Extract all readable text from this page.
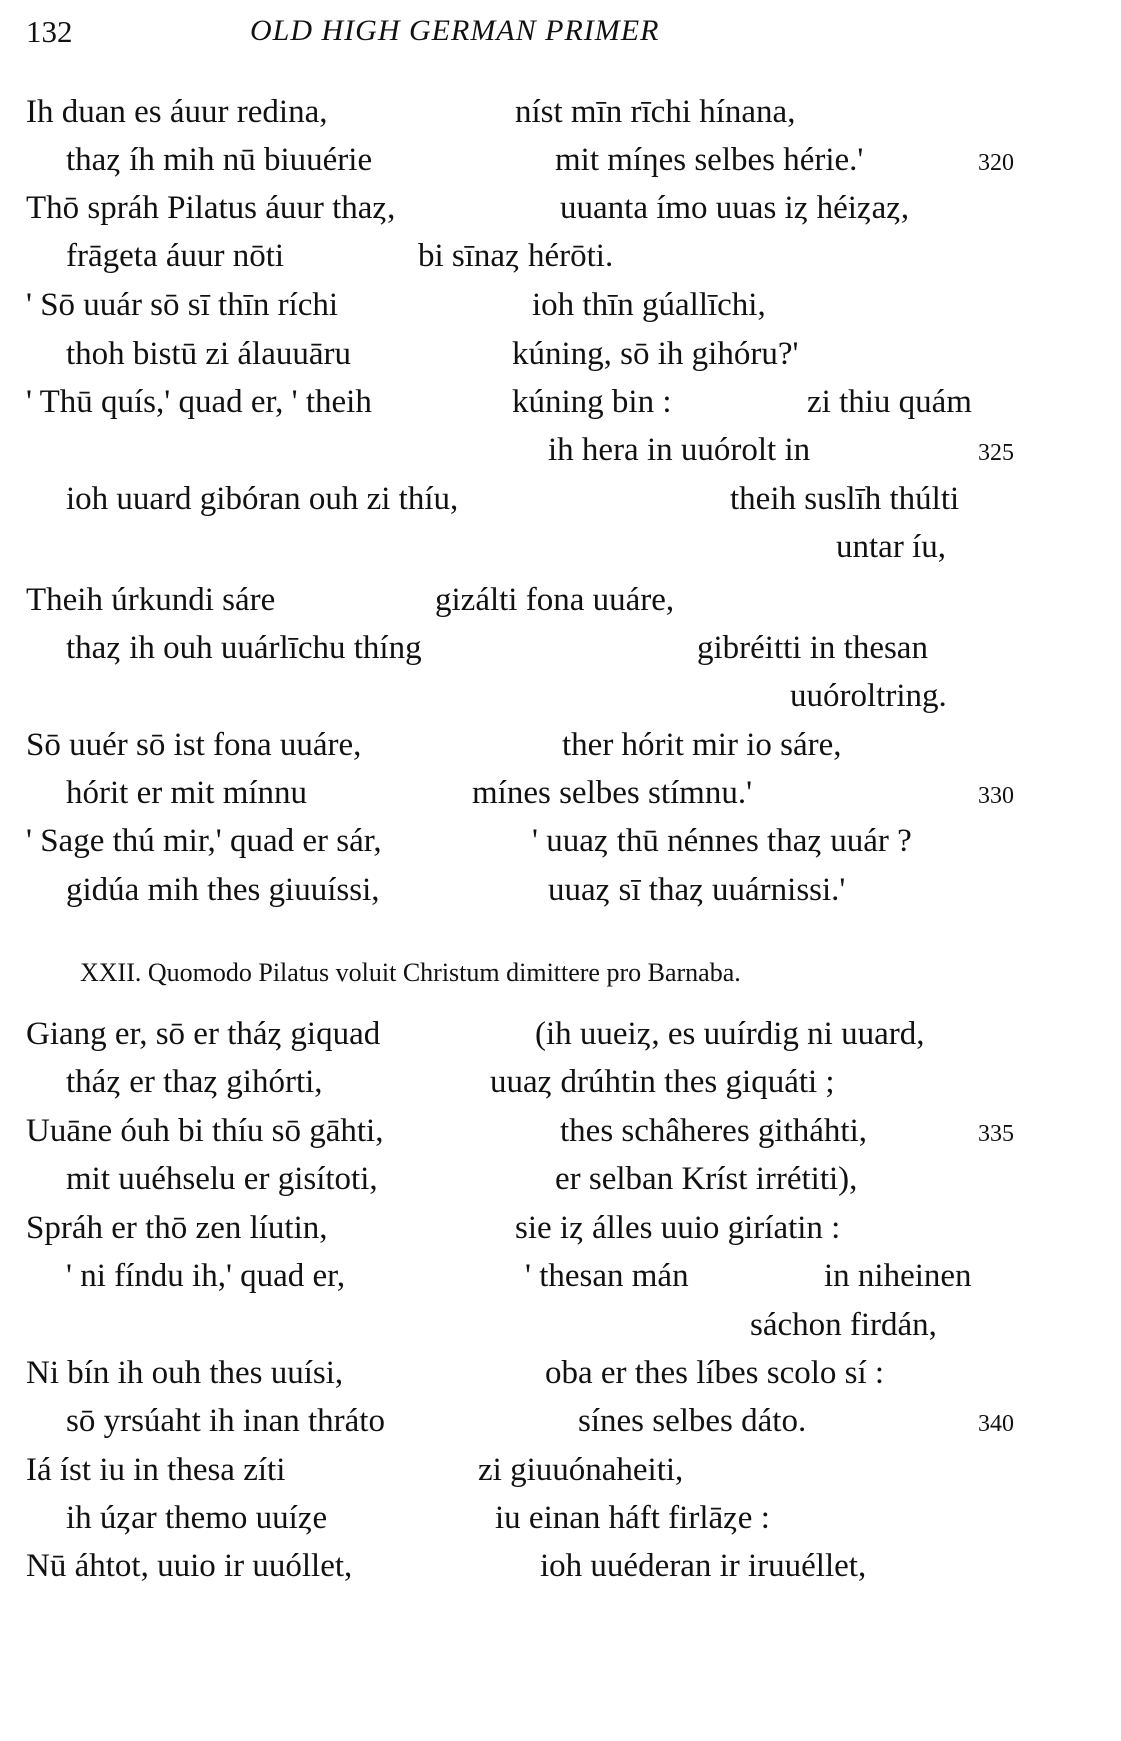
132	OLD HIGH GERMAN PRIMER
Ih duan es áuur redina,	níst mīn rīchi hínana,
thaȥ íh mih nū biuuérie	mit míƞes selbes hérie.'	320
Thō spráh Pilatus áuur thaȥ,	uuanta ímo uuas iȥ héiȥaȥ,
frāgeta áuur nōti	bi sīnaȥ hérōti.
' Sō uuár sō sī thīn ríchi	ioh thīn gúallīchi,
thoh bistū zi álauuāru	kúning, sō ih gihóru?'
' Thū quís,' quad er, ' theih	kúning bin :	zi thiu quám
ih hera in uuórolt in	325
ioh uuard gibóran ouh zi thíu,	theih suslīh thúlti
untar íu,
Theih úrkundi sáre	gizálti fona uuáre,
thaȥ ih ouh uuárlīchu thíng	gibréitti in thesan
uuóroltring.
Sō uuér sō ist fona uuáre,	ther hórit mir io sáre,
hórit er mit mínnu	mínes selbes stímnu.'	330
' Sage thú mir,' quad er sár,	' uuaȥ thū nénnes thaȥ uuár ?
gidúa mih thes giuuíssi,	uuaȥ sī thaȥ uuárnissi.'
XXII. Quomodo Pilatus voluit Christum dimittere pro Barnaba.
Giang er, sō er tháȥ giquad	(ih uueiȥ, es uuírdig ni uuard,
tháȥ er thaȥ gihórti,	uuaȥ drúhtin thes giquáti ;
Uuāne óuh bi thíu sō gāhti,	thes schâheres githáhti,	335
mit uuéhselu er gisítoti,	er selban Kríst irrétiti),
Spráh er thō zen líutin,	sie iȥ álles uuio giríatin :
' ni fíndu ih,' quad er,	' thesan mán	in niheinen
sáchon firdán,
Ni bín ih ouh thes uuísi,	oba er thes líbes scolo sí :
sō yrsúaht ih inan thráto	sínes selbes dáto.	340
Iá íst iu in thesa zíti	zi giuuónaheiti,
ih úȥar themo uuíȥe	iu einan háft firlāȥe :
Nū áhtot, uuio ir uuóllet,	ioh uuéderan ir iruuéllet,
